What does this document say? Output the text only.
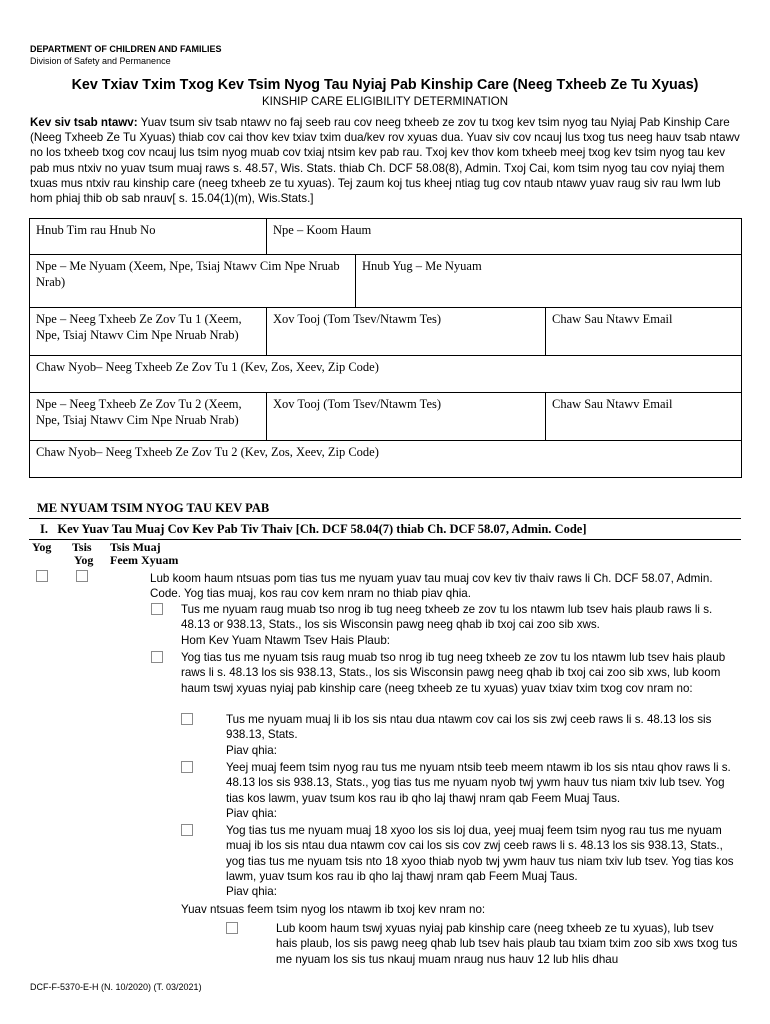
DEPARTMENT OF CHILDREN AND FAMILIES
Division of Safety and Permanence
Kev Txiav Txim Txog Kev Tsim Nyog Tau Nyiaj Pab Kinship Care (Neeg Txheeb Ze Tu Xyuas)
KINSHIP CARE ELIGIBILITY DETERMINATION
Kev siv tsab ntawv: Yuav tsum siv tsab ntawv no faj seeb rau cov neeg txheeb ze zov tu txog kev tsim nyog tau Nyiaj Pab Kinship Care (Neeg Txheeb Ze Tu Xyuas) thiab cov cai thov kev txiav txim dua/kev rov xyuas dua. Yuav siv cov ncauj lus txog tus neeg hauv tsab ntawv no los txheeb txog cov ncauj lus tsim nyog muab cov txiaj ntsim kev pab rau. Txoj kev thov kom txheeb meej txog kev tsim nyog tau kev pab mus ntxiv no yuav tsum muaj raws s. 48.57, Wis. Stats. thiab Ch. DCF 58.08(8), Admin. Txoj Cai, kom tsim nyog tau cov nyiaj them txuas mus ntxiv rau kinship care (neeg txheeb ze tu xyuas). Tej zaum koj tus kheej ntiag tug cov ntaub ntawv yuav raug siv rau lwm lub hom phiaj thib ob sab nrauv[ s. 15.04(1)(m), Wis.Stats.]
Hnub Tim rau Hnub No	Npe – Koom Haum		
Npe – Me Nyuam (Xeem, Npe, Tsiaj Ntawv Cim Npe Nruab Nrab)		Hnub Yug – Me Nyuam	
Npe – Neeg Txheeb Ze Zov Tu 1 (Xeem, Npe, Tsiaj Ntawv Cim Npe Nruab Nrab)	Xov Tooj (Tom Tsev/Ntawm Tes)		Chaw Sau Ntawv Email
Chaw Nyob– Neeg Txheeb Ze Zov Tu 1 (Kev, Zos, Xeev, Zip Code)			
Npe – Neeg Txheeb Ze Zov Tu 2 (Xeem, Npe, Tsiaj Ntawv Cim Npe Nruab Nrab)	Xov Tooj (Tom Tsev/Ntawm Tes)		Chaw Sau Ntawv Email
Chaw Nyob– Neeg Txheeb Ze Zov Tu 2 (Kev, Zos, Xeev, Zip Code)			
ME NYUAM TSIM NYOG TAU KEV PAB
I.   Kev Yuav Tau Muaj Cov Kev Pab Tiv Thaiv [Ch. DCF 58.04(7) thiab Ch. DCF 58.07, Admin. Code]
Yog Tsis
Yog
Tsis Muaj
Feem Xyuam
Lub koom haum ntsuas pom tias tus me nyuam yuav tau muaj cov kev tiv thaiv raws li Ch. DCF 58.07, Admin. Code. Yog tias muaj, kos rau cov kem nram no thiab piav qhia.
Tus me nyuam raug muab tso nrog ib tug neeg txheeb ze zov tu los ntawm lub tsev hais plaub raws li s. 48.13 or 938.13, Stats., los sis Wisconsin pawg neeg qhab ib txoj cai zoo sib xws.
Hom Kev Yuam Ntawm Tsev Hais Plaub:
Yog tias tus me nyuam tsis raug muab tso nrog ib tug neeg txheeb ze zov tu los ntawm lub tsev hais plaub raws li s. 48.13 los sis 938.13, Stats., los sis Wisconsin pawg neeg qhab ib txoj cai zoo sib xws, lub koom haum tswj xyuas nyiaj pab kinship care (neeg txheeb ze tu xyuas) yuav txiav txim txog cov nram no:
Tus me nyuam muaj li ib los sis ntau dua ntawm cov cai los sis zwj ceeb raws li s. 48.13 los sis 938.13, Stats.
Piav qhia:
Yeej muaj feem tsim nyog rau tus me nyuam ntsib teeb meem ntawm ib los sis ntau qhov raws li s. 48.13 los sis 938.13, Stats., yog tias tus me nyuam nyob twj ywm hauv tus niam txiv lub tsev. Yog tias kos lawm, yuav tsum kos rau ib qho laj thawj nram qab Feem Muaj Taus.
Piav qhia:
Yog tias tus me nyuam muaj 18 xyoo los sis loj dua, yeej muaj feem tsim nyog rau tus me nyuam muaj ib los sis ntau dua ntawm cov cai los sis cov zwj ceeb raws li s. 48.13 los sis 938.13, Stats., yog tias tus me nyuam tsis nto 18 xyoo thiab nyob twj ywm hauv tus niam txiv lub tsev. Yog tias kos lawm, yuav tsum kos rau ib qho laj thawj nram qab Feem Muaj Taus.
Piav qhia:
Yuav ntsuas feem tsim nyog los ntawm ib txoj kev nram no:
Lub koom haum tswj xyuas nyiaj pab kinship care (neeg txheeb ze tu xyuas), lub tsev hais plaub, los sis pawg neeg qhab lub tsev hais plaub tau txiam txim zoo sib xws txog tus me nyuam los sis tus nkauj muam nraug nus hauv 12 lub hlis dhau
DCF-F-5370-E-H (N. 10/2020) (T. 03/2021)
